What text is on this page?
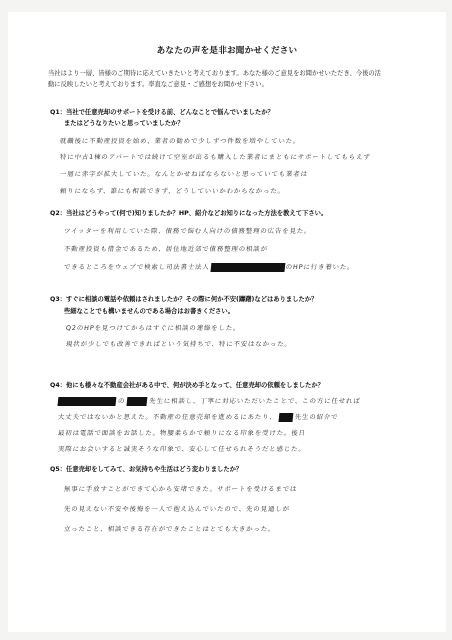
あなたの声を是非お聞かせください
当社はより一層、皆様のご期待に応えていきたいと考えております。あなた様のご意見をお聞かせいただき、今後の活
動に反映したいと考えております。率直なご意見・ご感想をお聞かせ下さい。
Q1：当社で任意売却のサポートを受ける前、どんなことで悩んでいましたか？
またはどうなりたいと思っていましたか？
就職後に不動産投資を始め、業者の勧めで少しずつ件数を増やしていた。
特に中古1棟のアパートでは続けて空室が出るも購入した業者にまともにサポートしてもらえず
一層に赤字が拡大していた。なんとかせねばならないと思っていても業者は
頼りにならず、誰にも相談できず、どうしていいかわからなかった。
Q2：当社はどうやって(何で)知りましたか？HP、紹介などお知りになった方法を教えて下さい。
ツイッターを利用していた際、債務で悩む人向けの債務整理の広告を見た。
不動産投資も借金であるため、居住地近郊で債務整理の相談が
できるところをウェブで検索し司法書士法人	のHPに行き着いた。
Q3：すぐに相談の電話や依頼はされましたか？その際に何か不安(躊躇)などはありましたか？
些細なことでも構いませんのである場合はお書きください。
Q2のHPを見つけてからはすぐに相談の連絡をした。
現状が少しでも改善できればという気持ちで、特に不安はなかった。
Q4：他にも様々な不動産会社がある中で、何が決め手となって、任意売却の依頼をしましたか？
の	先生に相談し、丁寧に対応いただいたことで、この方に任せれば
大丈夫ではないかと思えた。不動産の任意売却を進めるにあたり、	先生の紹介で
最初は電話で面談をお話した。物腰柔らかで頼りになる印象を受けた。後日
実際にお会いすると誠実そうな印象で、安心して任せられそうだと感じた。
Q5：任意売却をしてみて、お気持ちや生活はどう変わりましたか？
無事に手放すことができて心から安堵できた。サポートを受けるまでは
先の見えない不安や後悔を一人で抱え込んでいたので、先の見通しが
立ったこと、相談できる存在ができたことはとても大きかった。
